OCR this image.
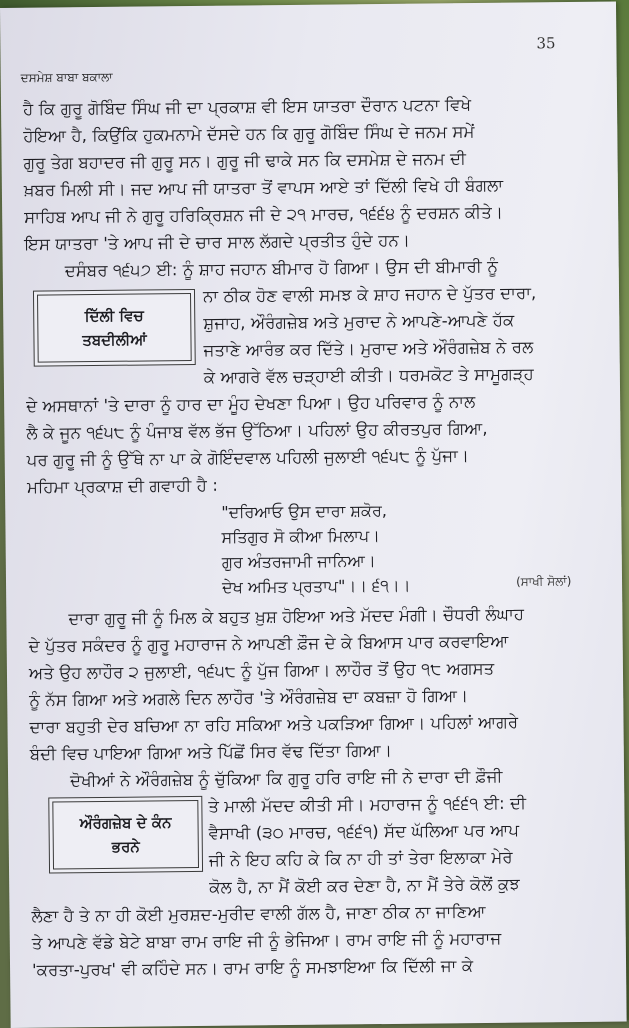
35
ਦਸਮੇਸ਼ ਬਾਬਾ ਬਕਾਲਾ
ਹੈ ਕਿ ਗੁਰੂ ਗੋਬਿੰਦ ਸਿੰਘ ਜੀ ਦਾ ਪ੍ਰਕਾਸ਼ ਵੀ ਇਸ ਯਾਤਰਾ ਦੌਰਾਨ ਪਟਨਾ ਵਿਖੇ
ਹੋਇਆ ਹੈ, ਕਿਉਂਕਿ ਹੁਕਮਨਾਮੇ ਦੱਸਦੇ ਹਨ ਕਿ ਗੁਰੂ ਗੋਬਿੰਦ ਸਿੰਘ ਦੇ ਜਨਮ ਸਮੇਂ
ਗੁਰੂ ਤੇਗ ਬਹਾਦਰ ਜੀ ਗੁਰੂ ਸਨ। ਗੁਰੂ ਜੀ ਢਾਕੇ ਸਨ ਕਿ ਦਸਮੇਸ਼ ਦੇ ਜਨਮ ਦੀ
ਖ਼ਬਰ ਮਿਲੀ ਸੀ। ਜਦ ਆਪ ਜੀ ਯਾਤਰਾ ਤੋਂ ਵਾਪਸ ਆਏ ਤਾਂ ਦਿੱਲੀ ਵਿਖੇ ਹੀ ਬੰਗਲਾ
ਸਾਹਿਬ ਆਪ ਜੀ ਨੇ ਗੁਰੂ ਹਰਿਕ੍ਰਿਸ਼ਨ ਜੀ ਦੇ ੨੧ ਮਾਰਚ, ੧੬੬੪ ਨੂੰ ਦਰਸ਼ਨ ਕੀਤੇ।
ਇਸ ਯਾਤਰਾ 'ਤੇ ਆਪ ਜੀ ਦੇ ਚਾਰ ਸਾਲ ਲੱਗਦੇ ਪ੍ਰਤੀਤ ਹੁੰਦੇ ਹਨ।
ਦਸੰਬਰ ੧੬੫੭ ਈ: ਨੂੰ ਸ਼ਾਹ ਜਹਾਨ ਬੀਮਾਰ ਹੋ ਗਿਆ। ਉਸ ਦੀ ਬੀਮਾਰੀ ਨੂੰ
ਨਾ ਠੀਕ ਹੋਣ ਵਾਲੀ ਸਮਝ ਕੇ ਸ਼ਾਹ ਜਹਾਨ ਦੇ ਪੁੱਤਰ ਦਾਰਾ,
ਸ਼ੁਜਾਹ, ਔਰੰਗਜ਼ੇਬ ਅਤੇ ਮੁਰਾਦ ਨੇ ਆਪਣੇ-ਆਪਣੇ ਹੱਕ
ਜਤਾਣੇ ਆਰੰਭ ਕਰ ਦਿੱਤੇ। ਮੁਰਾਦ ਅਤੇ ਔਰੰਗਜ਼ੇਬ ਨੇ ਰਲ
ਕੇ ਆਗਰੇ ਵੱਲ ਚੜ੍ਹਾਈ ਕੀਤੀ। ਧਰਮਕੋਟ ਤੇ ਸਾਮੂਗੜ੍ਹ
ਦਿੱਲੀ ਵਿਚ
ਤਬਦੀਲੀਆਂ
ਦੇ ਅਸਥਾਨਾਂ 'ਤੇ ਦਾਰਾ ਨੂੰ ਹਾਰ ਦਾ ਮੂੰਹ ਦੇਖਣਾ ਪਿਆ। ਉਹ ਪਰਿਵਾਰ ਨੂੰ ਨਾਲ
ਲੈ ਕੇ ਜੂਨ ੧੬੫੮ ਨੂੰ ਪੰਜਾਬ ਵੱਲ ਭੱਜ ਉੱਠਿਆ। ਪਹਿਲਾਂ ਉਹ ਕੀਰਤਪੁਰ ਗਿਆ,
ਪਰ ਗੁਰੂ ਜੀ ਨੂੰ ਉੱਥੇ ਨਾ ਪਾ ਕੇ ਗੋਇੰਦਵਾਲ ਪਹਿਲੀ ਜੁਲਾਈ ੧੬੫੮ ਨੂੰ ਪੁੱਜਾ।
ਮਹਿਮਾ ਪ੍ਰਕਾਸ਼ ਦੀ ਗਵਾਹੀ ਹੈ :
"ਦਰਿਆਓ ਉਸ ਦਾਰਾ ਸ਼ਕੋਰ,
ਸਤਿਗੁਰ ਸੋ ਕੀਆ ਮਿਲਾਪ।
ਗੁਰ ਅੰਤਰਜਾਮੀ ਜਾਨਿਆ।
ਦੇਖ ਅਮਿਤ ਪ੍ਰਤਾਪ"।। ੬੧।।	(ਸਾਖੀ ਸੋਲਾਂ)
ਦਾਰਾ ਗੁਰੂ ਜੀ ਨੂੰ ਮਿਲ ਕੇ ਬਹੁਤ ਖ਼ੁਸ਼ ਹੋਇਆ ਅਤੇ ਮੱਦਦ ਮੰਗੀ। ਚੌਧਰੀ ਲੰਘਾਹ
ਦੇ ਪੁੱਤਰ ਸਕੰਦਰ ਨੂੰ ਗੁਰੂ ਮਹਾਰਾਜ ਨੇ ਆਪਣੀ ਫ਼ੌਜ ਦੇ ਕੇ ਬਿਆਸ ਪਾਰ ਕਰਵਾਇਆ
ਅਤੇ ਉਹ ਲਾਹੌਰ ੨ ਜੁਲਾਈ, ੧੬੫੮ ਨੂੰ ਪੁੱਜ ਗਿਆ। ਲਾਹੌਰ ਤੋਂ ਉਹ ੧੮ ਅਗਸਤ
ਨੂੰ ਨੱਸ ਗਿਆ ਅਤੇ ਅਗਲੇ ਦਿਨ ਲਾਹੌਰ 'ਤੇ ਔਰੰਗਜ਼ੇਬ ਦਾ ਕਬਜ਼ਾ ਹੋ ਗਿਆ।
ਦਾਰਾ ਬਹੁਤੀ ਦੇਰ ਬਚਿਆ ਨਾ ਰਹਿ ਸਕਿਆ ਅਤੇ ਪਕੜਿਆ ਗਿਆ। ਪਹਿਲਾਂ ਆਗਰੇ
ਬੰਦੀ ਵਿਚ ਪਾਇਆ ਗਿਆ ਅਤੇ ਪਿੱਛੋਂ ਸਿਰ ਵੱਢ ਦਿੱਤਾ ਗਿਆ।
ਦੋਖੀਆਂ ਨੇ ਔਰੰਗਜ਼ੇਬ ਨੂੰ ਚੁੱਕਿਆ ਕਿ ਗੁਰੂ ਹਰਿ ਰਾਇ ਜੀ ਨੇ ਦਾਰਾ ਦੀ ਫ਼ੌਜੀ
ਤੇ ਮਾਲੀ ਮੱਦਦ ਕੀਤੀ ਸੀ। ਮਹਾਰਾਜ ਨੂੰ ੧੬੬੧ ਈ: ਦੀ
ਵੈਸਾਖੀ (੩੦ ਮਾਰਚ, ੧੬੬੧) ਸੱਦ ਘੱਲਿਆ ਪਰ ਆਪ
ਜੀ ਨੇ ਇਹ ਕਹਿ ਕੇ ਕਿ ਨਾ ਹੀ ਤਾਂ ਤੇਰਾ ਇਲਾਕਾ ਮੇਰੇ
ਕੋਲ ਹੈ, ਨਾ ਮੈਂ ਕੋਈ ਕਰ ਦੇਣਾ ਹੈ, ਨਾ ਮੈਂ ਤੇਰੇ ਕੋਲੋਂ ਕੁਝ
ਔਰੰਗਜ਼ੇਬ ਦੇ ਕੰਨ
ਭਰਨੇ
ਲੈਣਾ ਹੈ ਤੇ ਨਾ ਹੀ ਕੋਈ ਮੁਰਸ਼ਦ-ਮੁਰੀਦ ਵਾਲੀ ਗੱਲ ਹੈ, ਜਾਣਾ ਠੀਕ ਨਾ ਜਾਣਿਆ
ਤੇ ਆਪਣੇ ਵੱਡੇ ਬੇਟੇ ਬਾਬਾ ਰਾਮ ਰਾਇ ਜੀ ਨੂੰ ਭੇਜਿਆ। ਰਾਮ ਰਾਇ ਜੀ ਨੂੰ ਮਹਾਰਾਜ
'ਕਰਤਾ-ਪੁਰਖ' ਵੀ ਕਹਿੰਦੇ ਸਨ। ਰਾਮ ਰਾਇ ਨੂੰ ਸਮਝਾਇਆ ਕਿ ਦਿੱਲੀ ਜਾ ਕੇ
